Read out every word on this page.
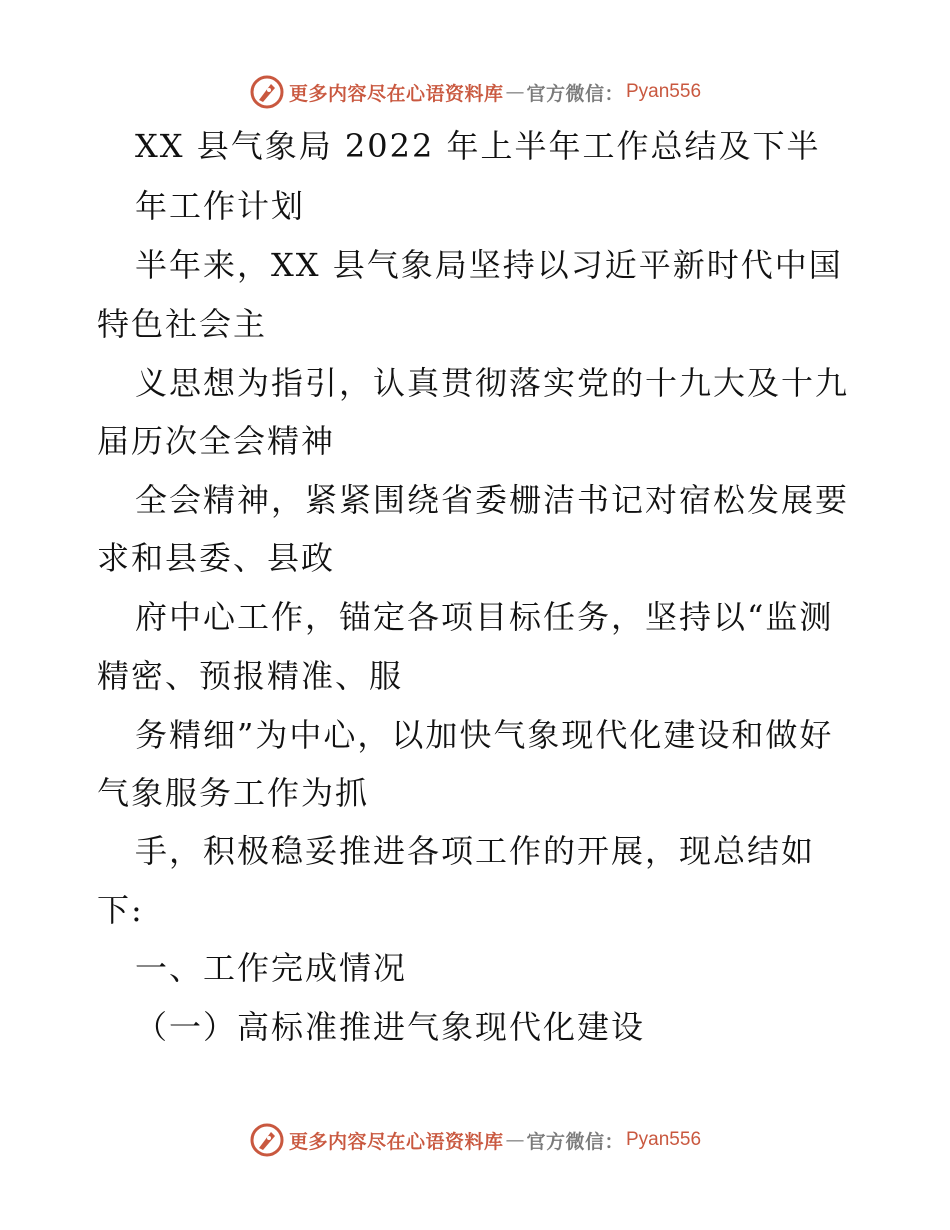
更多内容尽在心语资料库 — 官方微信： Pyan556
XX 县气象局 2022 年上半年工作总结及下半
年工作计划
半年来，XX 县气象局坚持以习近平新时代中国
特色社会主
义思想为指引，认真贯彻落实党的十九大及十九
届历次全会精神
全会精神，紧紧围绕省委栅洁书记对宿松发展要
求和县委、县政
府中心工作，锚定各项目标任务，坚持以“监测
精密、预报精准、服
务精细”为中心，以加快气象现代化建设和做好
气象服务工作为抓
手，积极稳妥推进各项工作的开展，现总结如
下:
一、工作完成情况
（一）高标准推进气象现代化建设
更多内容尽在心语资料库 — 官方微信： Pyan556
